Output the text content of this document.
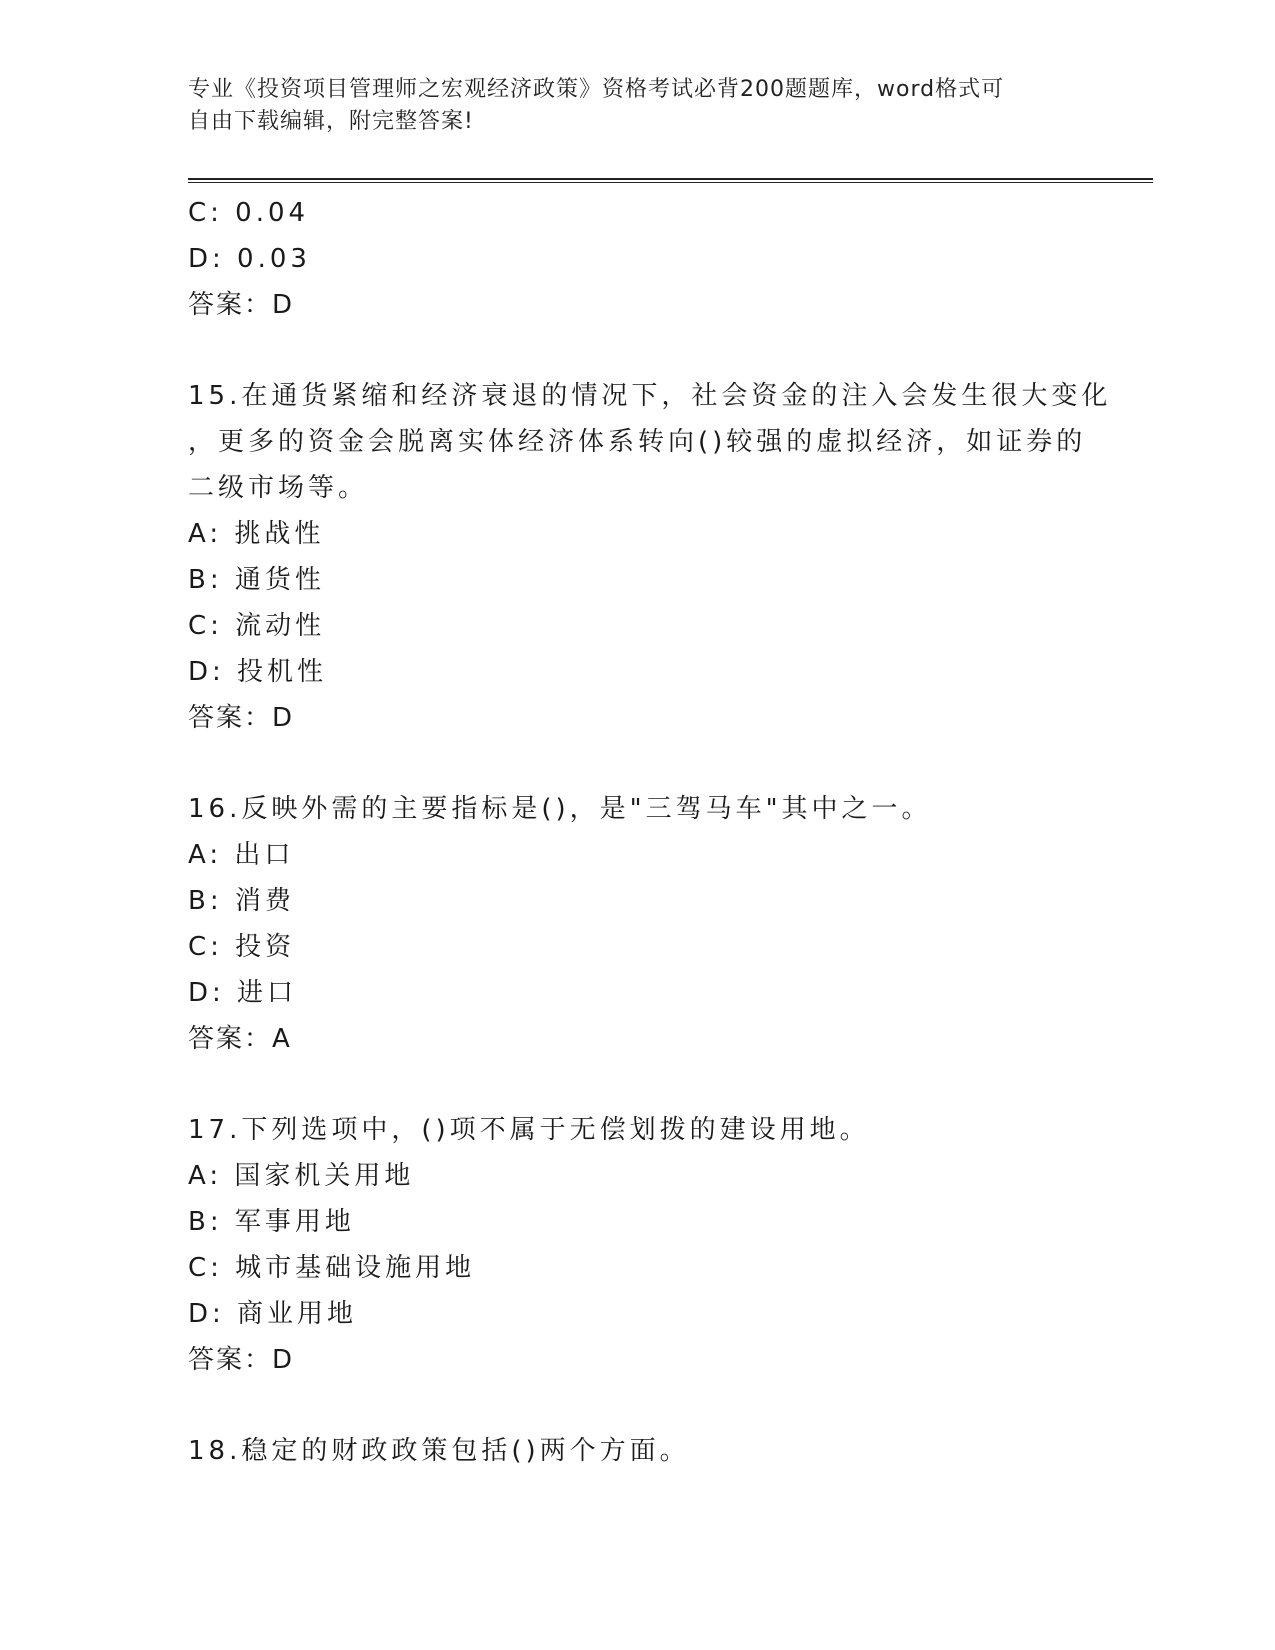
专业《投资项目管理师之宏观经济政策》资格考试必背200题题库，word格式可
自由下载编辑，附完整答案!
C: 0.04
D: 0.03
答案：D
15.在通货紧缩和经济衰退的情况下，社会资金的注入会发生很大变化
，更多的资金会脱离实体经济体系转向()较强的虚拟经济，如证券的
二级市场等。
A: 挑战性
B: 通货性
C: 流动性
D: 投机性
答案：D
16.反映外需的主要指标是()，是"三驾马车"其中之一。
A: 出口
B: 消费
C: 投资
D: 进口
答案：A
17.下列选项中，()项不属于无偿划拨的建设用地。
A: 国家机关用地
B: 军事用地
C: 城市基础设施用地
D: 商业用地
答案：D
18.稳定的财政政策包括()两个方面。
